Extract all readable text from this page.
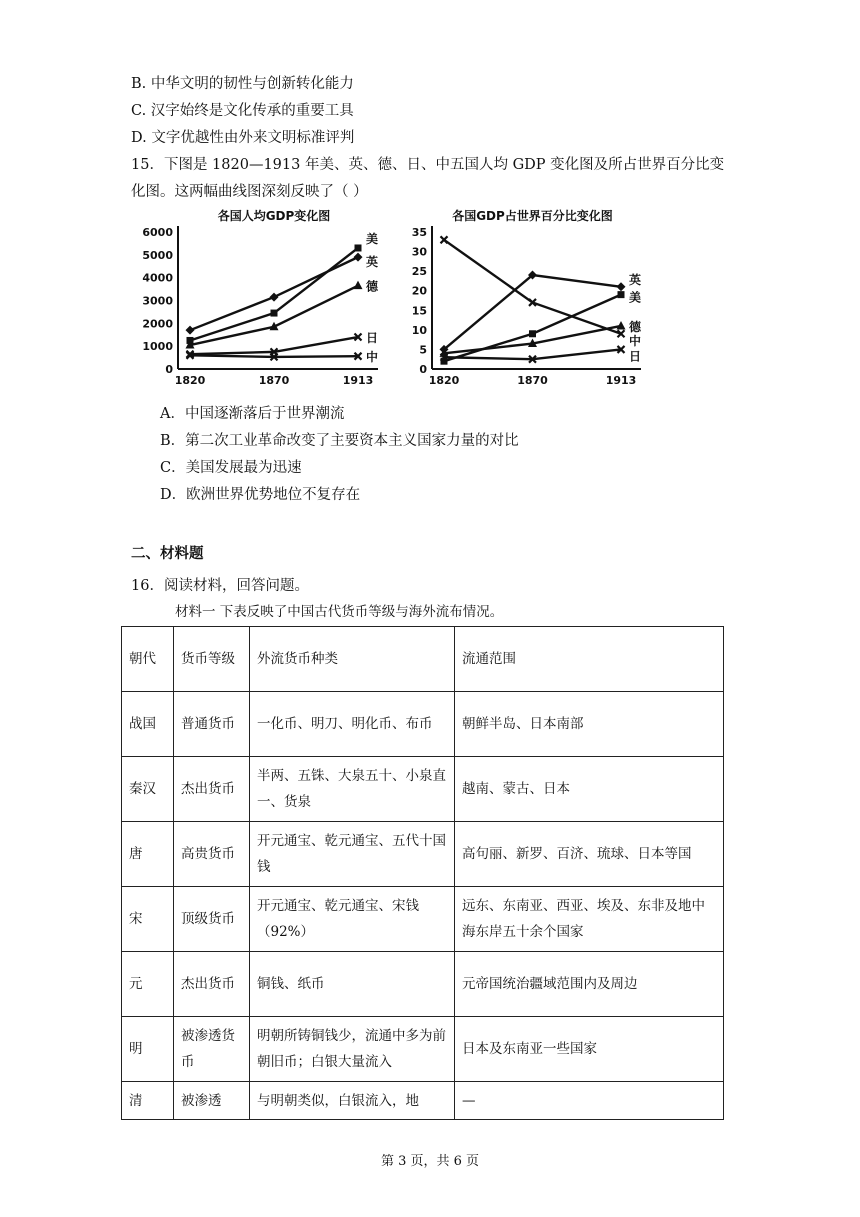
B. 中华文明的韧性与创新转化能力
C. 汉字始终是文化传承的重要工具
D. 文字优越性由外来文明标准评判
15．下图是 1820—1913 年美、英、德、日、中五国人均 GDP 变化图及所占世界百分比变
化图。这两幅曲线图深刻反映了（ ）
各国人均GDP变化图
0
1000
2000
3000
4000
5000
6000
1820	1870	1913
美
英
德
日
中
各国GDP占世界百分比变化图
0
5
10
15
20
25
30
35
1820	1870	1913
英
美
德
中
日
A．中国逐渐落后于世界潮流
B．第二次工业革命改变了主要资本主义国家力量的对比
C．美国发展最为迅速
D．欧洲世界优势地位不复存在
二、材料题
16．阅读材料，回答问题。
材料一 下表反映了中国古代货币等级与海外流布情况。
朝代	货币等级	外流货币种类	流通范围
战国	普通货币	一化币、明刀、明化币、布币	朝鲜半岛、日本南部
秦汉	杰出货币	半两、五铢、大泉五十、小泉直一、货泉	越南、蒙古、日本
唐	高贵货币	开元通宝、乾元通宝、五代十国钱	高句丽、新罗、百济、琉球、日本等国
宋	顶级货币	开元通宝、乾元通宝、宋钱（92%）	远东、东南亚、西亚、埃及、东非及地中海东岸五十余个国家
元	杰出货币	铜钱、纸币	元帝国统治疆域范围内及周边
明	被渗透货币	明朝所铸铜钱少，流通中多为前朝旧币；白银大量流入	日本及东南亚一些国家
清	被渗透	与明朝类似，白银流入，地	—
第 3 页，共 6 页
